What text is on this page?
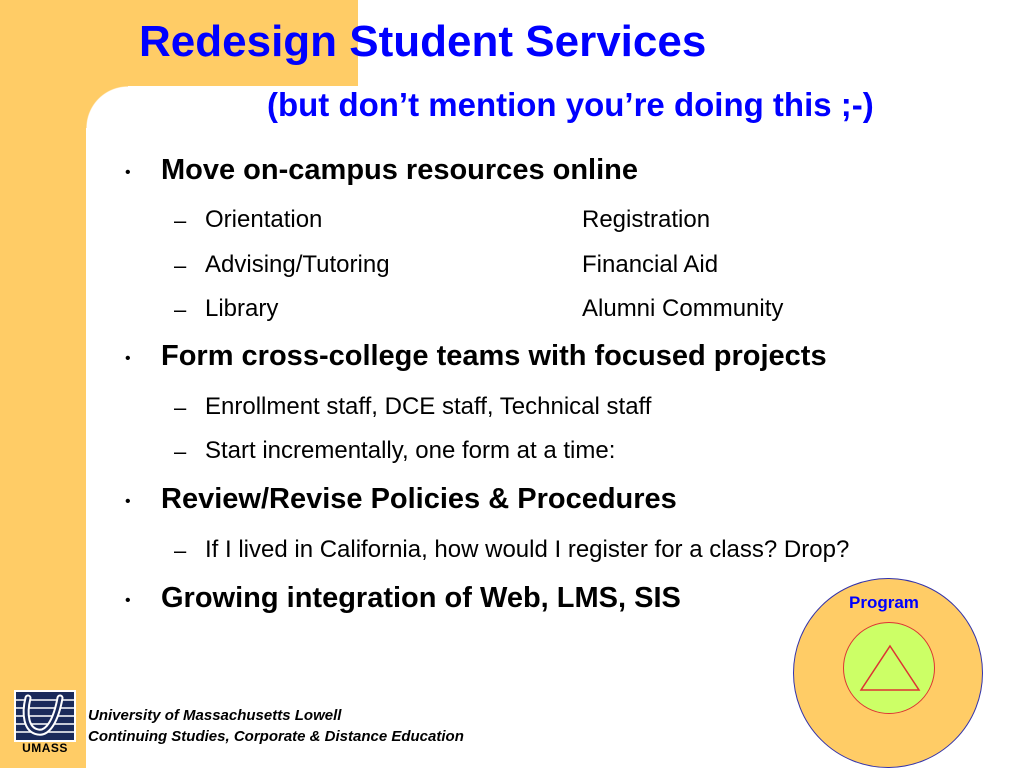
Redesign Student Services
(but don’t mention you’re doing this ;-)
• Move on-campus resources online
– Orientation	Registration
– Advising/Tutoring	Financial Aid
– Library	Alumni Community
• Form cross-college teams with focused projects
– Enrollment staff, DCE staff, Technical staff
– Start incrementally, one form at a time:
• Review/Revise Policies & Procedures
– If I lived in California, how would I register for a class? Drop?
• Growing integration of Web, LMS, SIS	Program
UMASS
University of Massachusetts Lowell
Continuing Studies, Corporate & Distance Education
